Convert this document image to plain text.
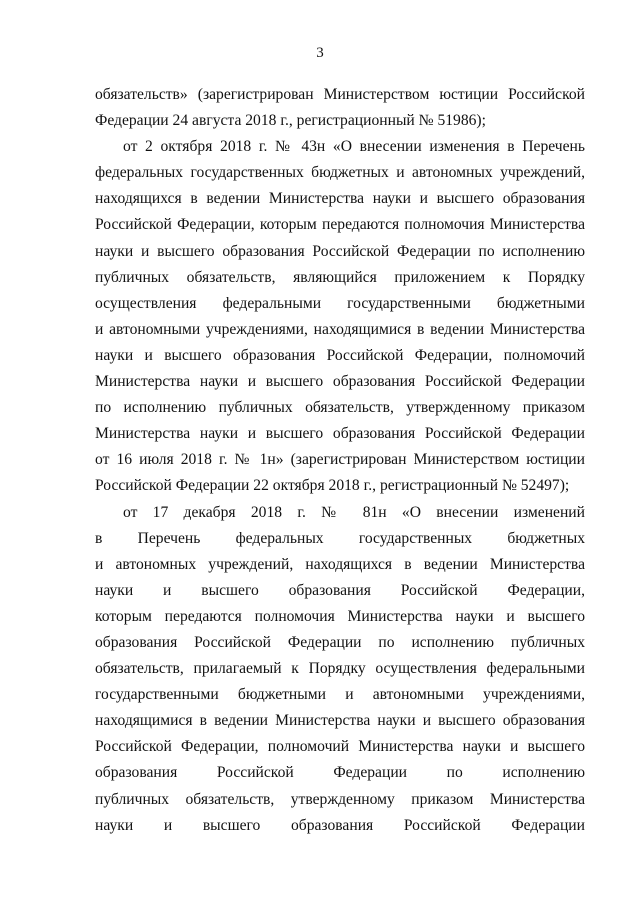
3
обязательств» (зарегистрирован Министерством юстиции Российской
Федерации 24 августа 2018 г., регистрационный № 51986);
от 2 октября 2018 г. № 43н «О внесении изменения в Перечень
федеральных государственных бюджетных и автономных учреждений,
находящихся в ведении Министерства науки и высшего образования
Российской Федерации, которым передаются полномочия Министерства
науки и высшего образования Российской Федерации по исполнению
публичных обязательств, являющийся приложением к Порядку
осуществления федеральными государственными бюджетными
и автономными учреждениями, находящимися в ведении Министерства
науки и высшего образования Российской Федерации, полномочий
Министерства науки и высшего образования Российской Федерации
по исполнению публичных обязательств, утвержденному приказом
Министерства науки и высшего образования Российской Федерации
от 16 июля 2018 г. № 1н» (зарегистрирован Министерством юстиции
Российской Федерации 22 октября 2018 г., регистрационный № 52497);
от 17 декабря 2018 г. № 81н «О внесении изменений
в Перечень федеральных государственных бюджетных
и автономных учреждений, находящихся в ведении Министерства
науки и высшего образования Российской Федерации,
которым передаются полномочия Министерства науки и высшего
образования Российской Федерации по исполнению публичных
обязательств, прилагаемый к Порядку осуществления федеральными
государственными бюджетными и автономными учреждениями,
находящимися в ведении Министерства науки и высшего образования
Российской Федерации, полномочий Министерства науки и высшего
образования Российской Федерации по исполнению
публичных обязательств, утвержденному приказом Министерства
науки и высшего образования Российской Федерации
